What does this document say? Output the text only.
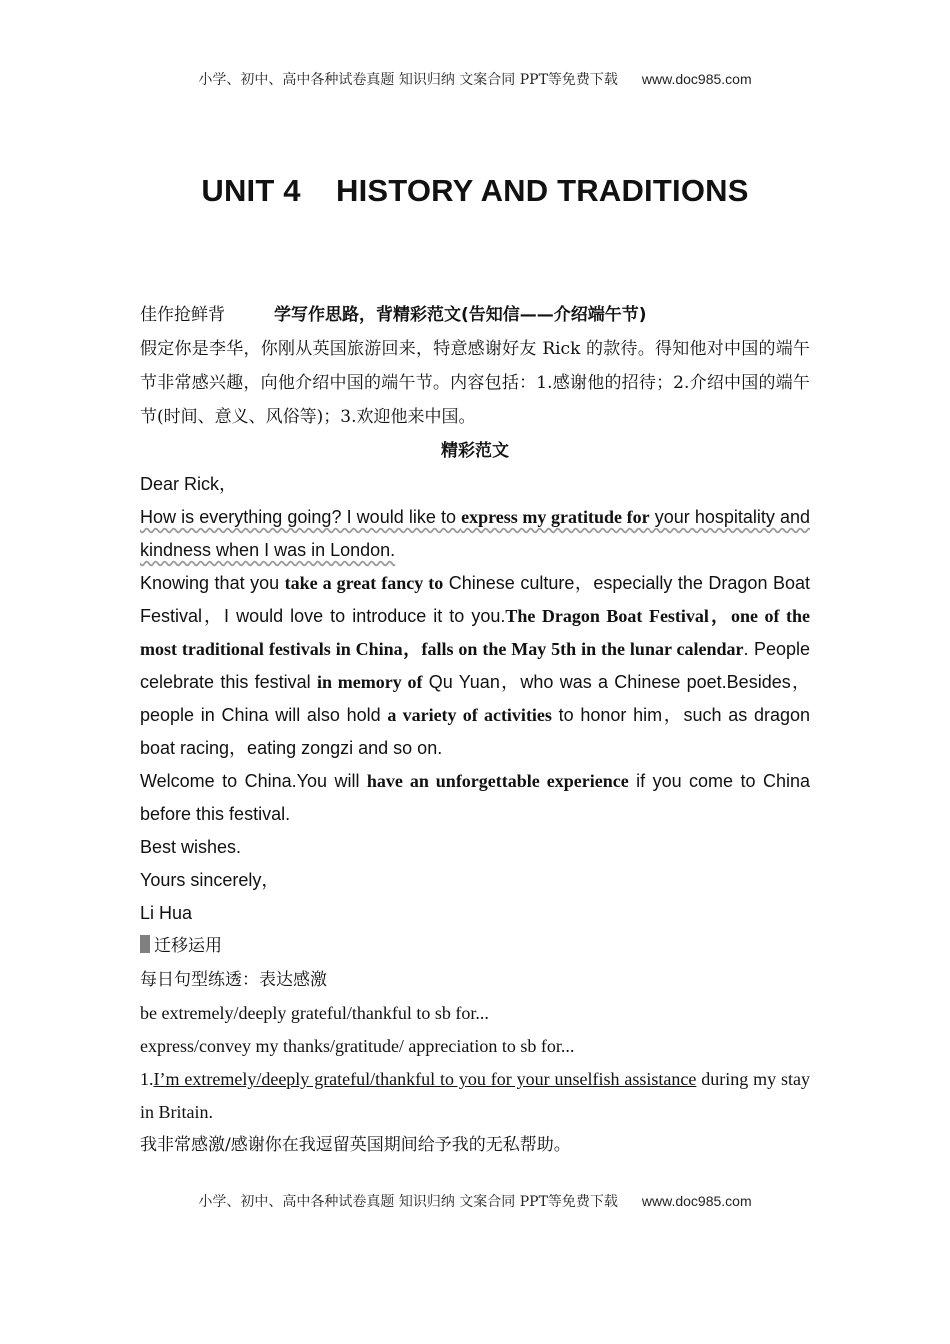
小学、初中、高中各种试卷真题 知识归纳 文案合同 PPT等免费下载 www.doc985.com
UNIT 4    HISTORY AND TRADITIONS

佳作抢鲜背	学写作思路，背精彩范文(告知信——介绍端午节)

假定你是李华，你刚从英国旅游回来，特意感谢好友 Rick 的款待。得知他对中国的端午节非常感兴趣，向他介绍中国的端午节。内容包括：1.感谢他的招待；2.介绍中国的端午节(时间、意义、风俗等)；3.欢迎他来中国。

精彩范文

Dear Rick，

How is everything going? I would like to express my gratitude for your hospitality and kindness when I was in London.

Knowing that you take a great fancy to Chinese culture，especially the Dragon Boat Festival，I would love to introduce it to you.The Dragon Boat Festival，one of the most traditional festivals in China，falls on the May 5th in the lunar calendar. People celebrate this festival in memory of Qu Yuan，who was a Chinese poet.Besides，people in China will also hold a variety of activities to honor him，such as dragon boat racing，eating zongzi and so on.

Welcome to China.You will have an unforgettable experience if you come to China before this festival.

Best wishes.

Yours sincerely，

Li Hua

迁移运用

每日句型练透：表达感激

be extremely/deeply grateful/thankful to sb for...

express/convey my thanks/gratitude/ appreciation to sb for...

1.I’m extremely/deeply grateful/thankful to you for your unselfish assistance during my stay in Britain.

我非常感激/感谢你在我逗留英国期间给予我的无私帮助。

小学、初中、高中各种试卷真题 知识归纳 文案合同 PPT等免费下载 www.doc985.com
